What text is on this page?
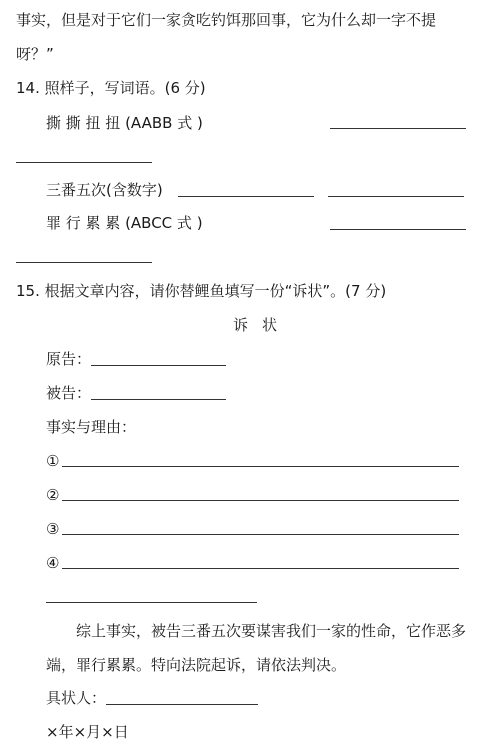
事实，但是对于它们一家贪吃钓饵那回事，它为什么却一字不提
呀？”
14. 照样子，写词语。(6 分)
撕 撕 扭 扭 (AABB 式 )
三番五次(含数字)
罪 行 累 累 (ABCC 式 )
15. 根据文章内容，请你替鲤鱼填写一份“诉状”。(7 分)
诉状
原告：
被告：
事实与理由：
①
②
③
④
综上事实，被告三番五次要谋害我们一家的性命，它作恶多
端，罪行累累。特向法院起诉，请依法判决。
具状人：
×年×月×日
